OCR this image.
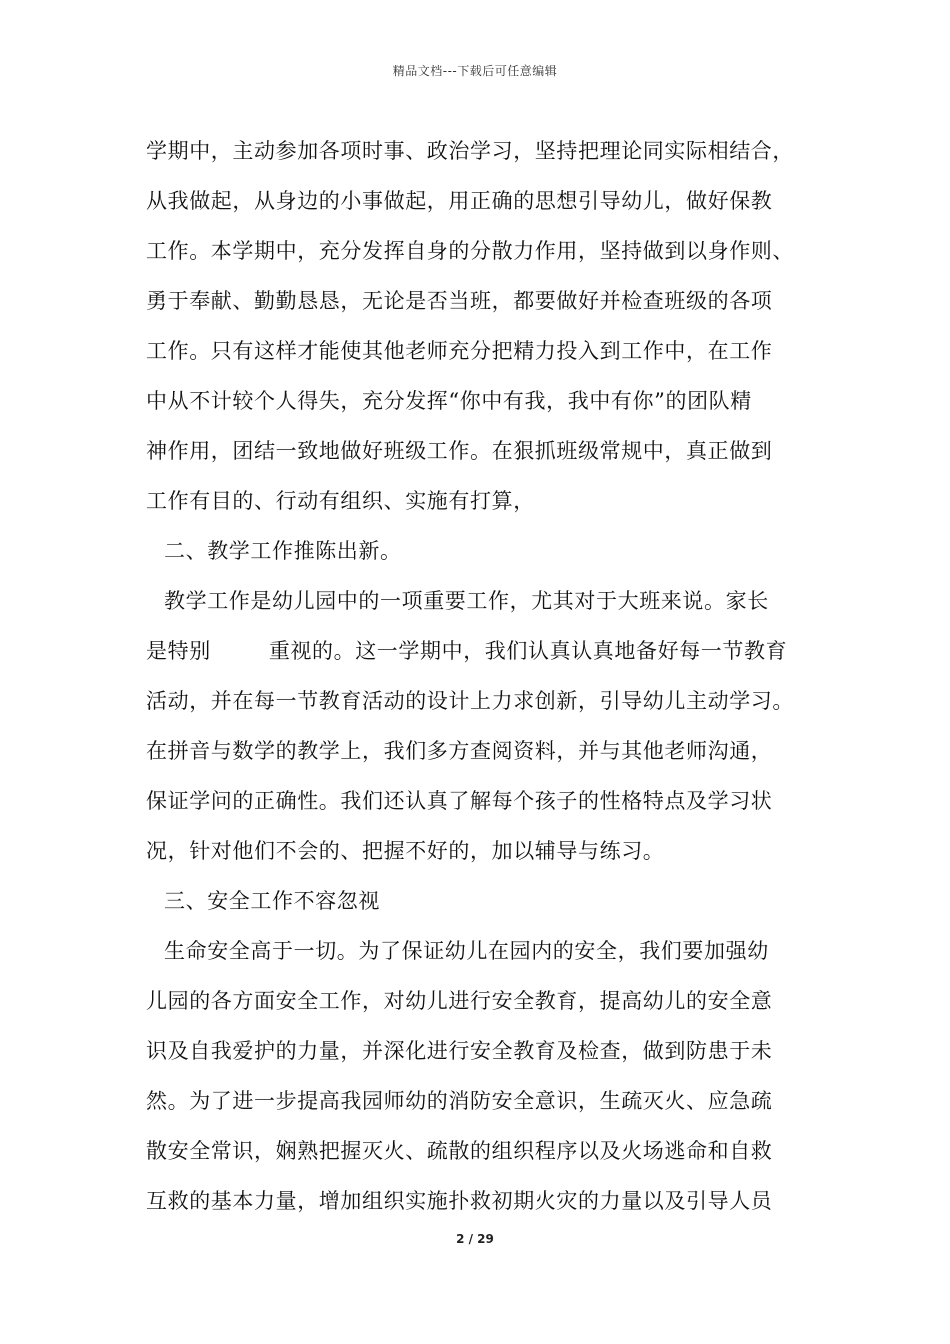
精品文档---下载后可任意编辑
学期中，主动参加各项时事、政治学习，坚持把理论同实际相结合，
从我做起，从身边的小事做起，用正确的思想引导幼儿，做好保教
工作。本学期中，充分发挥自身的分散力作用，坚持做到以身作则、
勇于奉献、勤勤恳恳，无论是否当班，都要做好并检查班级的各项
工作。只有这样才能使其他老师充分把精力投入到工作中，在工作
中从不计较个人得失，充分发挥“你中有我，我中有你”的团队精
神作用，团结一致地做好班级工作。在狠抓班级常规中，真正做到
工作有目的、行动有组织、实施有打算，
二、教学工作推陈出新。
教学工作是幼儿园中的一项重要工作，尤其对于大班来说。家长
是特别	重视的。这一学期中，我们认真认真地备好每一节教育
活动，并在每一节教育活动的设计上力求创新，引导幼儿主动学习。
在拼音与数学的教学上，我们多方查阅资料，并与其他老师沟通，
保证学问的正确性。我们还认真了解每个孩子的性格特点及学习状
况，针对他们不会的、把握不好的，加以辅导与练习。
三、安全工作不容忽视
生命安全高于一切。为了保证幼儿在园内的安全，我们要加强幼
儿园的各方面安全工作，对幼儿进行安全教育，提高幼儿的安全意
识及自我爱护的力量，并深化进行安全教育及检查，做到防患于未
然。为了进一步提高我园师幼的消防安全意识，生疏灭火、应急疏
散安全常识，娴熟把握灭火、疏散的组织程序以及火场逃命和自救
互救的基本力量，增加组织实施扑救初期火灾的力量以及引导人员
2 / 29
